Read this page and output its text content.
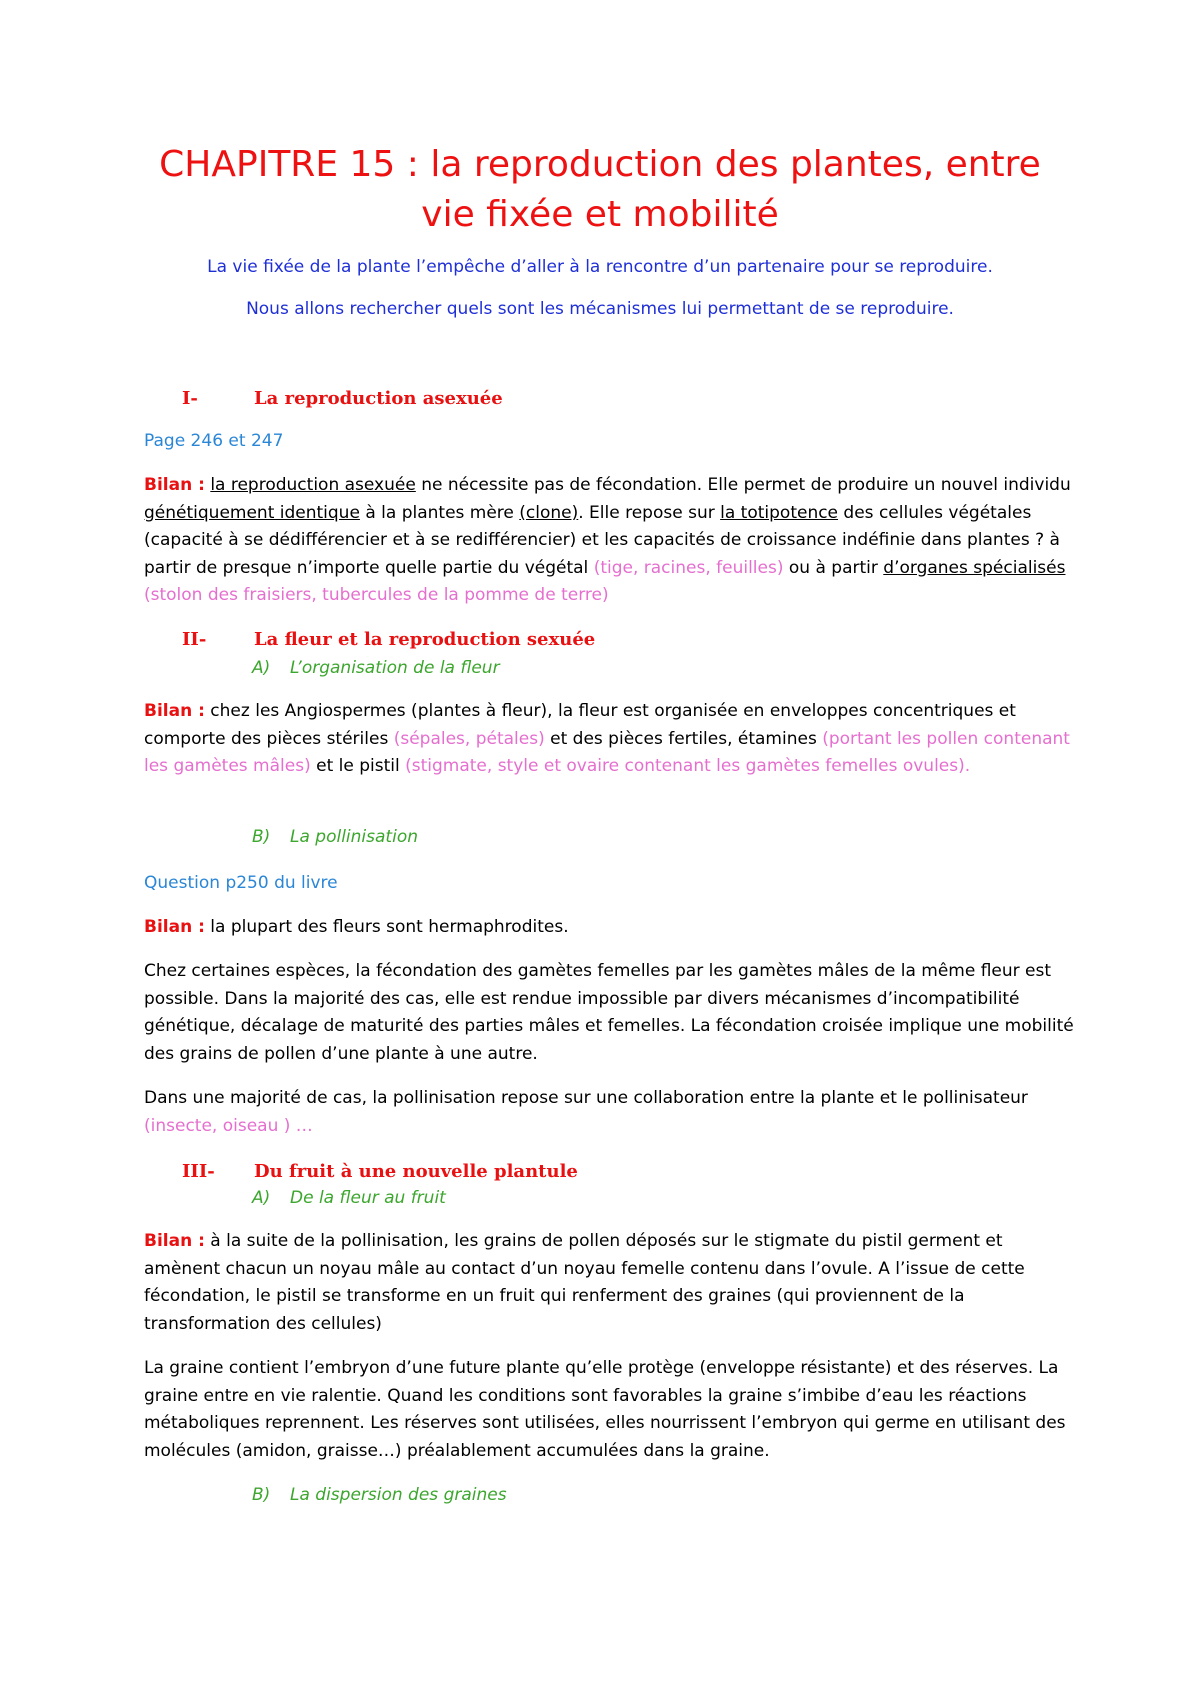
CHAPITRE 15 : la reproduction des plantes, entre
vie fixée et mobilité
La vie fixée de la plante l’empêche d’aller à la rencontre d’un partenaire pour se reproduire.
Nous allons rechercher quels sont les mécanismes lui permettant de se reproduire.
I-	La reproduction asexuée
Page 246 et 247
Bilan : la reproduction asexuée ne nécessite pas de fécondation. Elle permet de produire un nouvel individu génétiquement identique à la plantes mère (clone). Elle repose sur la totipotence des cellules végétales (capacité à se dédifférencier et à se redifférencier) et les capacités de croissance indéfinie dans plantes ? à partir de presque n’importe quelle partie du végétal (tige, racines, feuilles) ou à partir d’organes spécialisés (stolon des fraisiers, tubercules de la pomme de terre)
II-	La fleur et la reproduction sexuée
A) L’organisation de la fleur
Bilan : chez les Angiospermes (plantes à fleur), la fleur est organisée en enveloppes concentriques et comporte des pièces stériles (sépales, pétales) et des pièces fertiles, étamines (portant les pollen contenant les gamètes mâles) et le pistil (stigmate, style et ovaire contenant les gamètes femelles ovules).
B) La pollinisation
Question p250 du livre
Bilan : la plupart des fleurs sont hermaphrodites.
Chez certaines espèces, la fécondation des gamètes femelles par les gamètes mâles de la même fleur est possible. Dans la majorité des cas, elle est rendue impossible par divers mécanismes d’incompatibilité génétique, décalage de maturité des parties mâles et femelles. La fécondation croisée implique une mobilité des grains de pollen d’une plante à une autre.
Dans une majorité de cas, la pollinisation repose sur une collaboration entre la plante et le pollinisateur (insecte, oiseau ) …
III- Du fruit à une nouvelle plantule
A) De la fleur au fruit
Bilan : à la suite de la pollinisation, les grains de pollen déposés sur le stigmate du pistil germent et amènent chacun un noyau mâle au contact d’un noyau femelle contenu dans l’ovule. A l’issue de cette fécondation, le pistil se transforme en un fruit qui renferment des graines (qui proviennent de la transformation des cellules)
La graine contient l’embryon d’une future plante qu’elle protège (enveloppe résistante) et des réserves. La graine entre en vie ralentie. Quand les conditions sont favorables la graine s’imbibe d’eau les réactions métaboliques reprennent. Les réserves sont utilisées, elles nourrissent l’embryon qui germe en utilisant des molécules (amidon, graisse…) préalablement accumulées dans la graine.
B) La dispersion des graines
